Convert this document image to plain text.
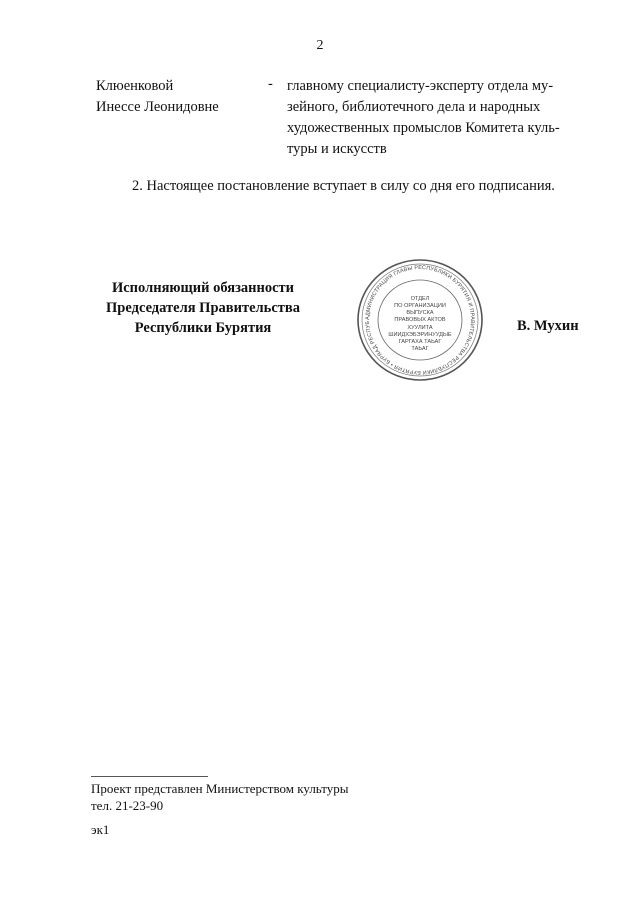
2
Клюенковой
Инессе Леонидовне
- главному специалисту-эксперту отдела му-
зейного, библиотечного дела и народных
художественных промыслов Комитета куль-
туры и искусств
2. Настоящее постановление вступает в силу со дня его подписания.
Исполняющий обязанности
Председателя Правительства
Республики Бурятия	В. Мухин
АДМИНИСТРАЦИЯ ГЛАВЫ РЕСПУБЛИКИ БУРЯТИЯ И ПРАВИТЕЛЬСТВА РЕСПУБЛИКИ БУРЯТИЯ • БУРЯАД РЕСПУБ
ОТДЕЛ
ПО ОРГАНИЗАЦИИ
ВЫПУСКА
ПРАВОВЫХ АКТОВ
ХУУЛИТА
ШИИДХЭБЭРИНУУДЫЕ
ГАРГАХА ТАЬАГ
ТАЬАГ
Проект представлен Министерством культуры
тел. 21-23-90
эк1
